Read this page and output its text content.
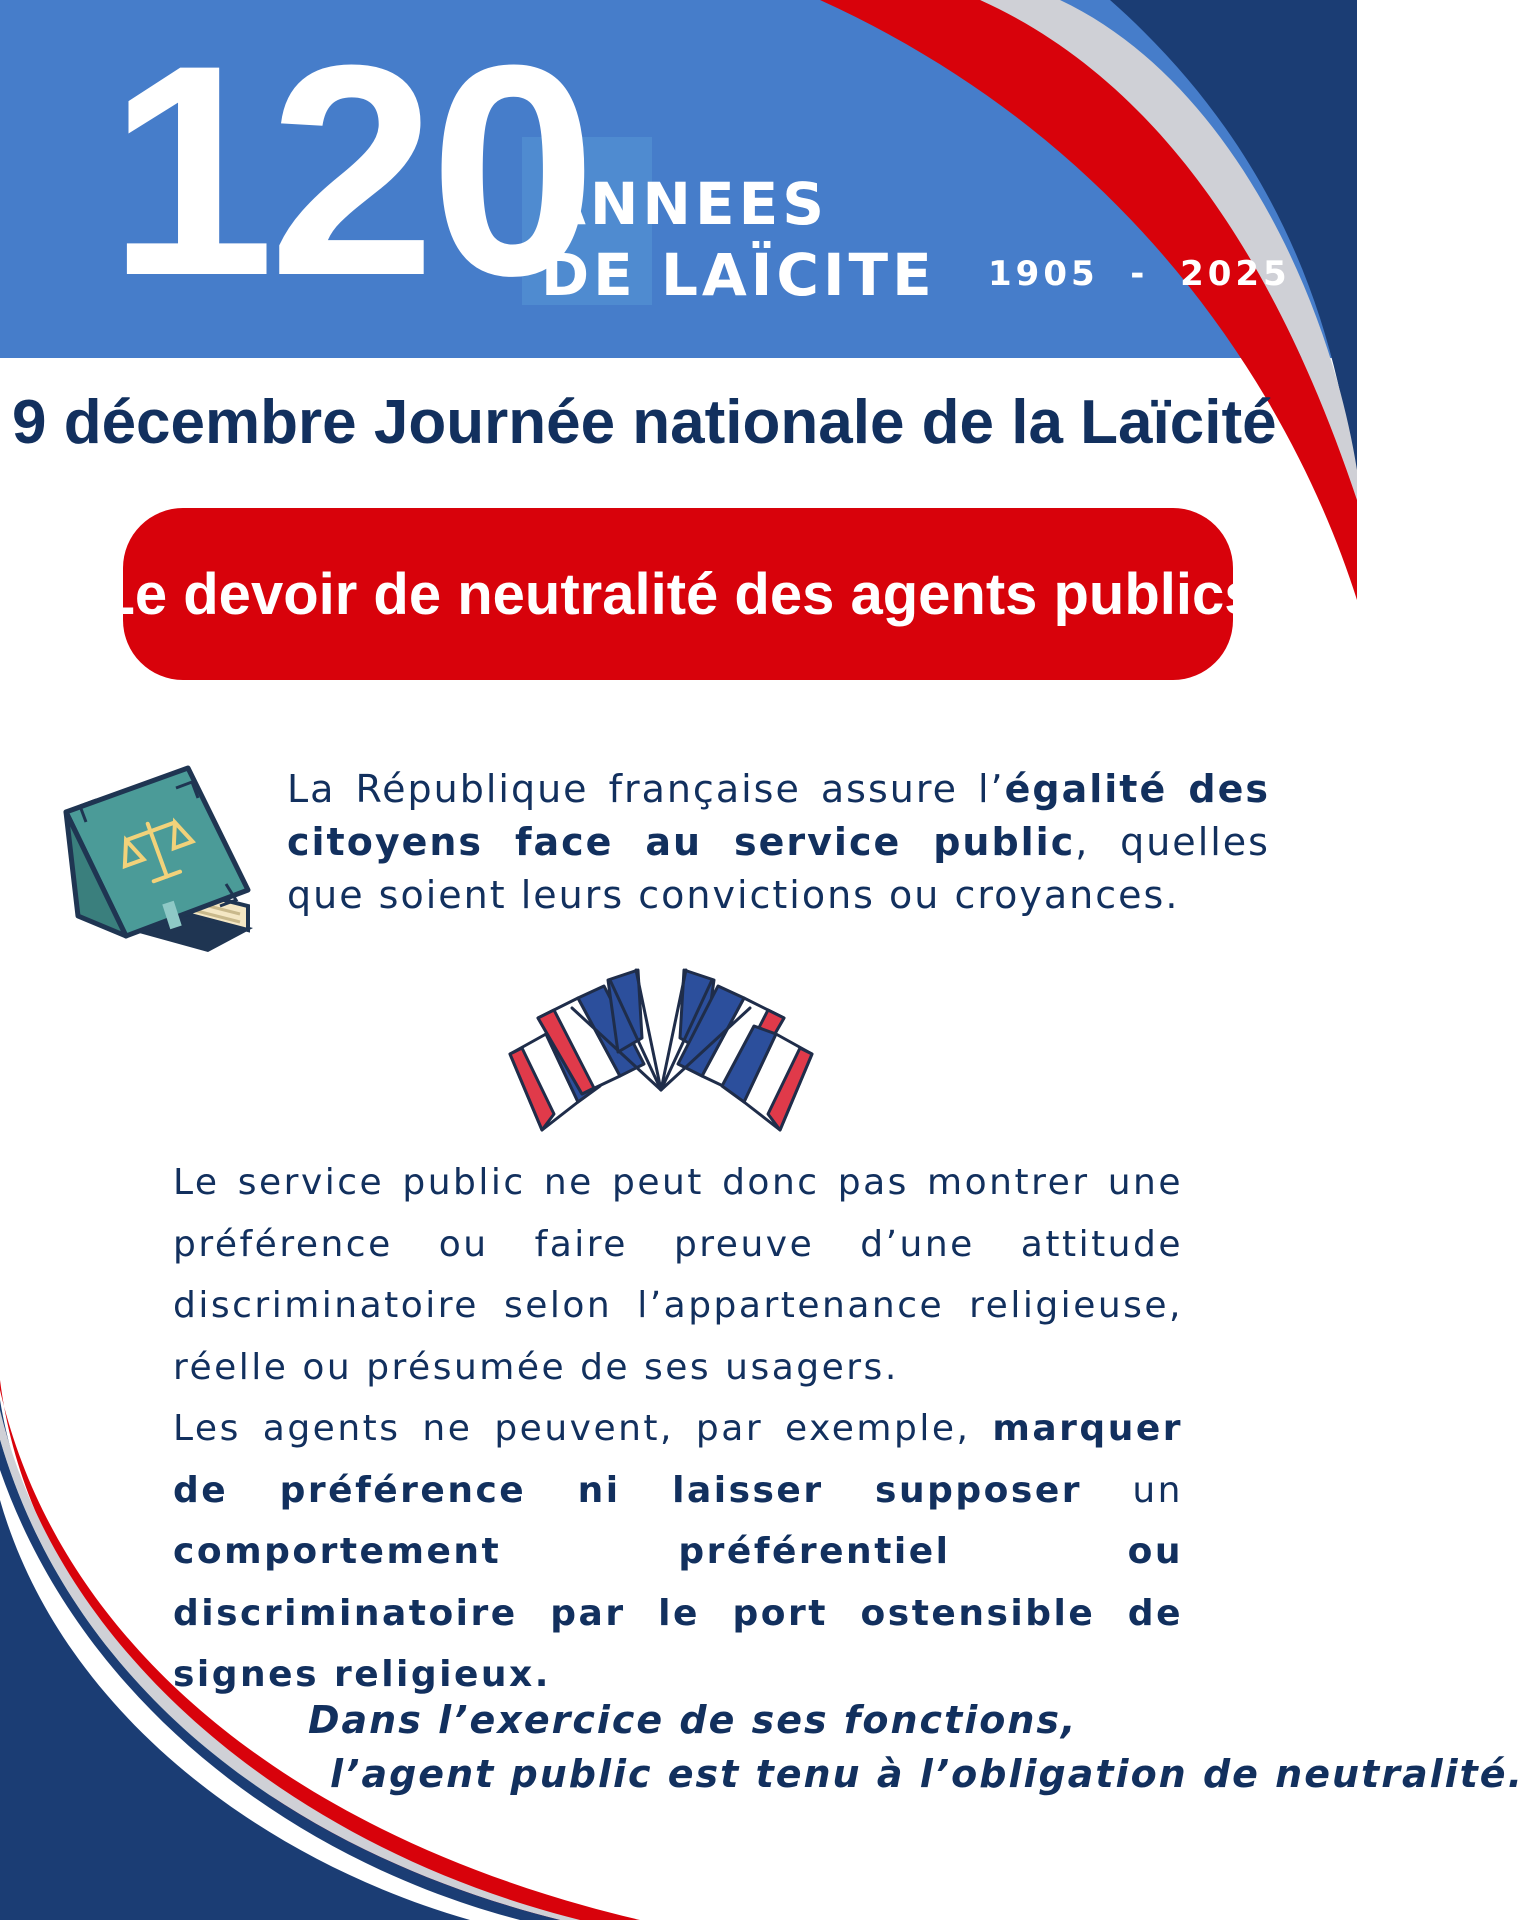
120

ANNEES

DE LAÏCITE 1905  -  2025

9 décembre Journée nationale de la Laïcité
Le devoir de neutralité des agents publics

La République française assure l’égalité des citoyens face au service public, quelles que soient leurs convictions ou croyances.

Le service public ne peut donc pas montrer une préférence ou faire preuve d’une attitude discriminatoire selon l’appartenance religieuse, réelle ou présumée de ses usagers.
Les agents ne peuvent, par exemple, marquer de préférence ni laisser supposer un comportement préférentiel ou discriminatoire par le port ostensible de signes religieux.

Dans l’exercice de ses fonctions,

l’agent public est tenu à l’obligation de neutralité.
